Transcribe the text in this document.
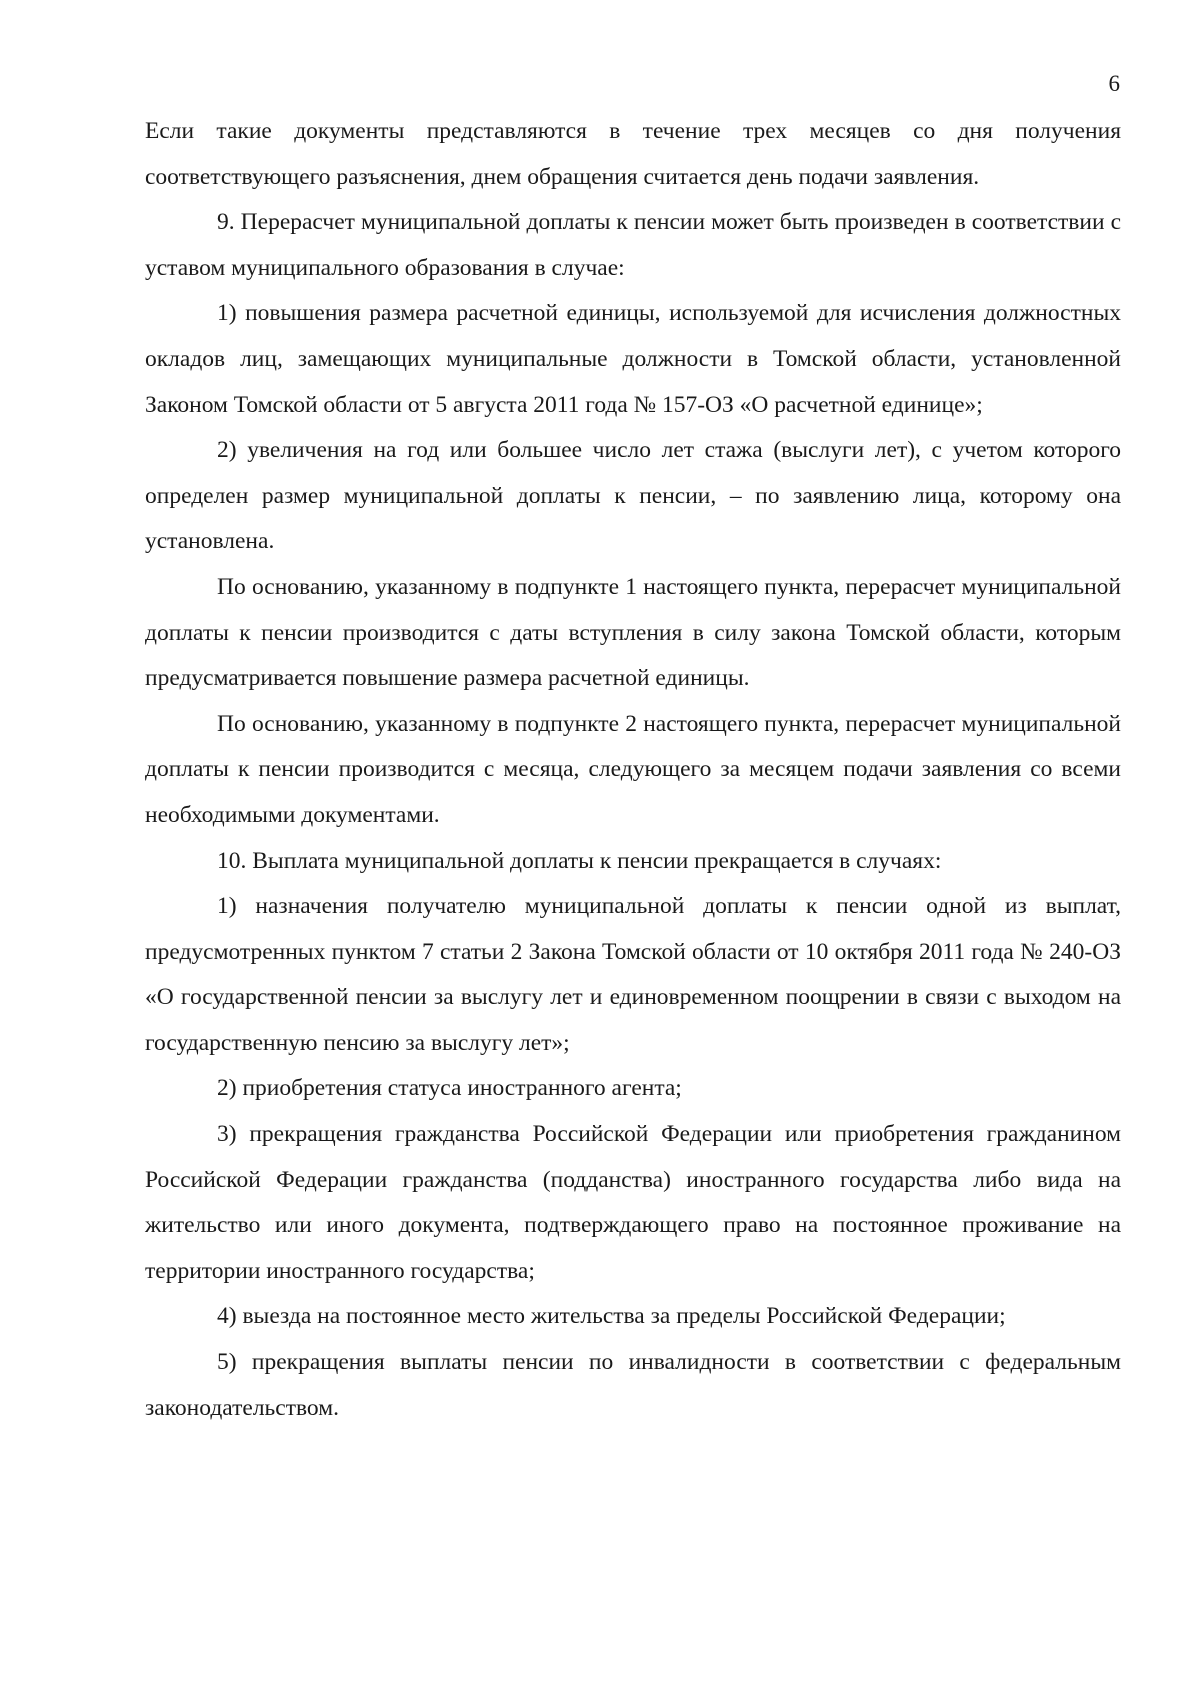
6

Если такие документы представляются в течение трех месяцев со дня получения соответствующего разъяснения, днем обращения считается день подачи заявления.

9. Перерасчет муниципальной доплаты к пенсии может быть произведен в соответствии с уставом муниципального образования в случае:

1) повышения размера расчетной единицы, используемой для исчисления должностных окладов лиц, замещающих муниципальные должности в Томской области, установленной Законом Томской области от 5 августа 2011 года № 157-ОЗ «О расчетной единице»;

2) увеличения на год или большее число лет стажа (выслуги лет), с учетом которого определен размер муниципальной доплаты к пенсии, – по заявлению лица, которому она установлена.

По основанию, указанному в подпункте 1 настоящего пункта, перерасчет муниципальной доплаты к пенсии производится с даты вступления в силу закона Томской области, которым предусматривается повышение размера расчетной единицы.

По основанию, указанному в подпункте 2 настоящего пункта, перерасчет муниципальной доплаты к пенсии производится с месяца, следующего за месяцем подачи заявления со всеми необходимыми документами.

10. Выплата муниципальной доплаты к пенсии прекращается в случаях:

1) назначения получателю муниципальной доплаты к пенсии одной из выплат, предусмотренных пунктом 7 статьи 2 Закона Томской области от 10 октября 2011 года № 240-ОЗ «О государственной пенсии за выслугу лет и единовременном поощрении в связи с выходом на государственную пенсию за выслугу лет»;

2) приобретения статуса иностранного агента;

3) прекращения гражданства Российской Федерации или приобретения гражданином Российской Федерации гражданства (подданства) иностранного государства либо вида на жительство или иного документа, подтверждающего право на постоянное проживание на территории иностранного государства;

4) выезда на постоянное место жительства за пределы Российской Федерации;

5) прекращения выплаты пенсии по инвалидности в соответствии с федеральным законодательством.
